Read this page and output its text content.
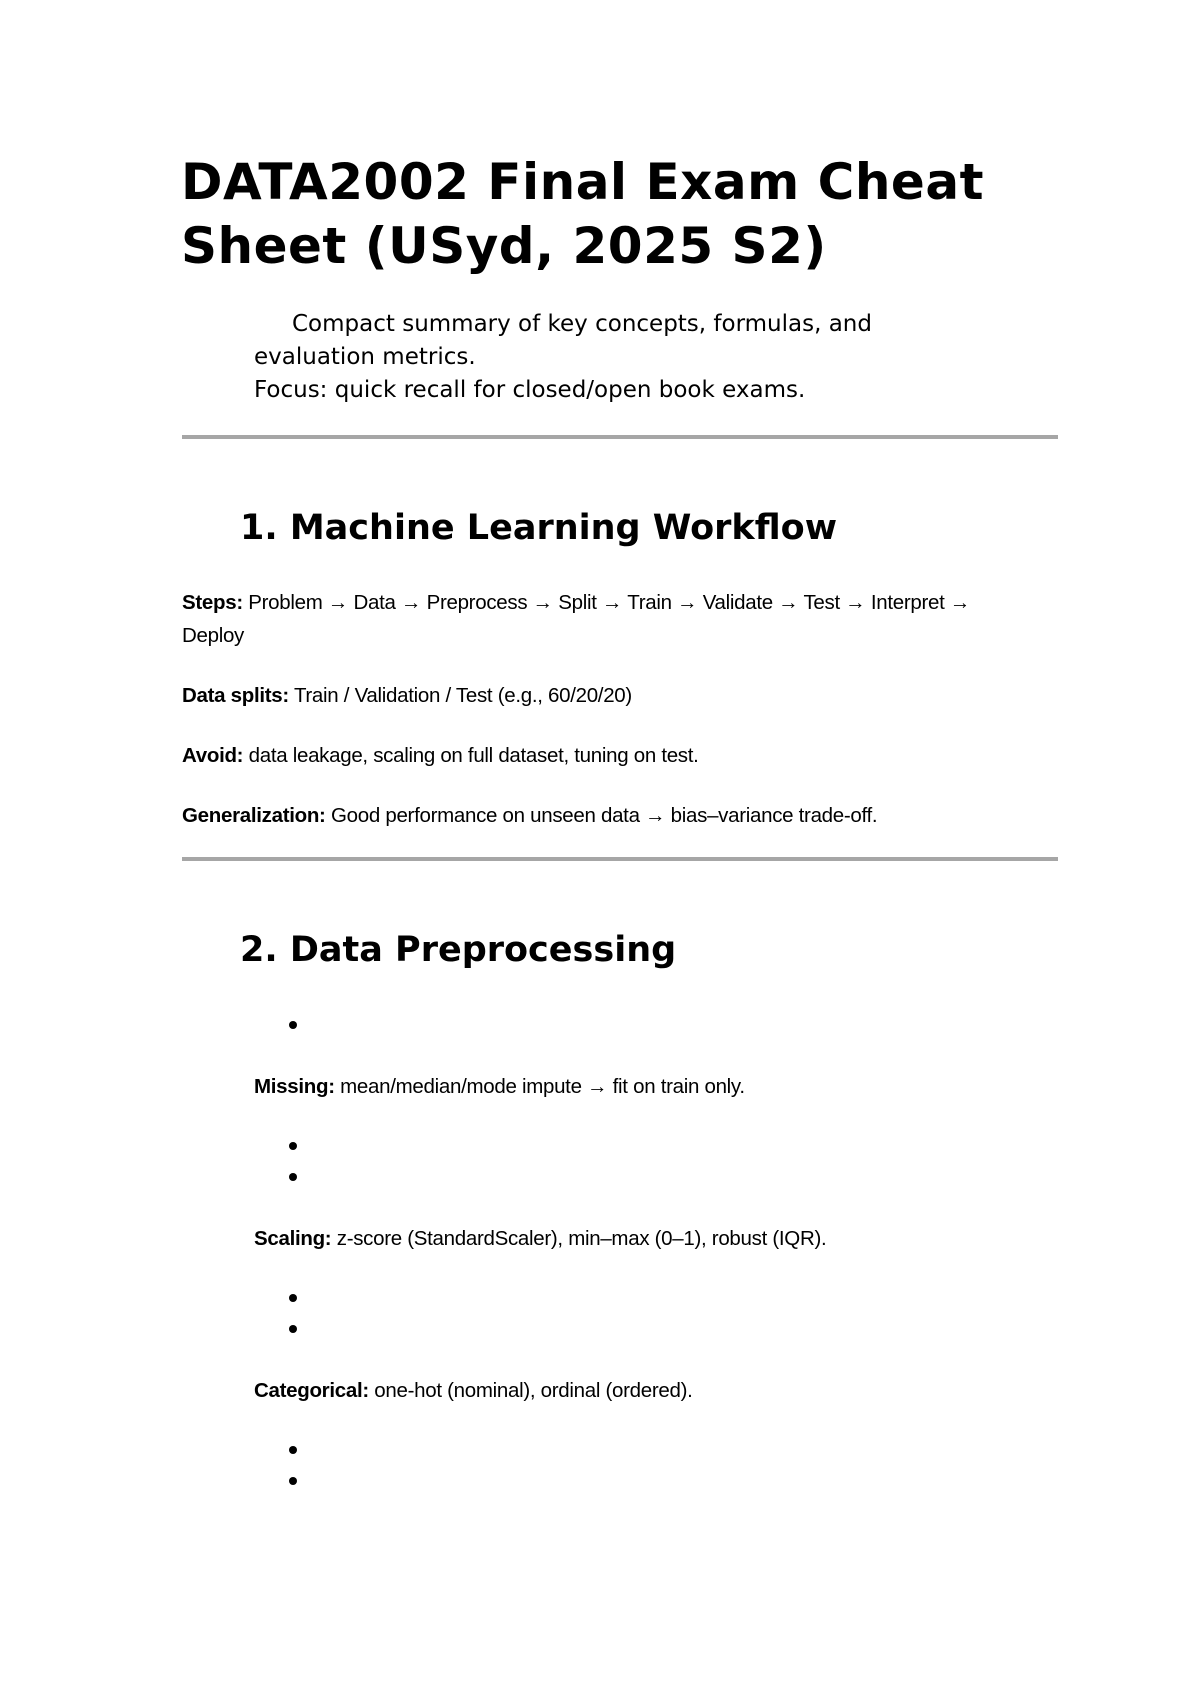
DATA2002 Final Exam Cheat Sheet (USyd, 2025 S2)

Compact summary of key concepts, formulas, and evaluation metrics.
Focus: quick recall for closed/open book exams.

1. Machine Learning Workflow

Steps: Problem → Data → Preprocess → Split → Train → Validate → Test → Interpret → Deploy

Data splits: Train / Validation / Test (e.g., 60/20/20)

Avoid: data leakage, scaling on full dataset, tuning on test.

Generalization: Good performance on unseen data → bias–variance trade-off.

2. Data Preprocessing

Missing: mean/median/mode impute → fit on train only.

Scaling: z-score (StandardScaler), min–max (0–1), robust (IQR).

Categorical: one-hot (nominal), ordinal (ordered).
